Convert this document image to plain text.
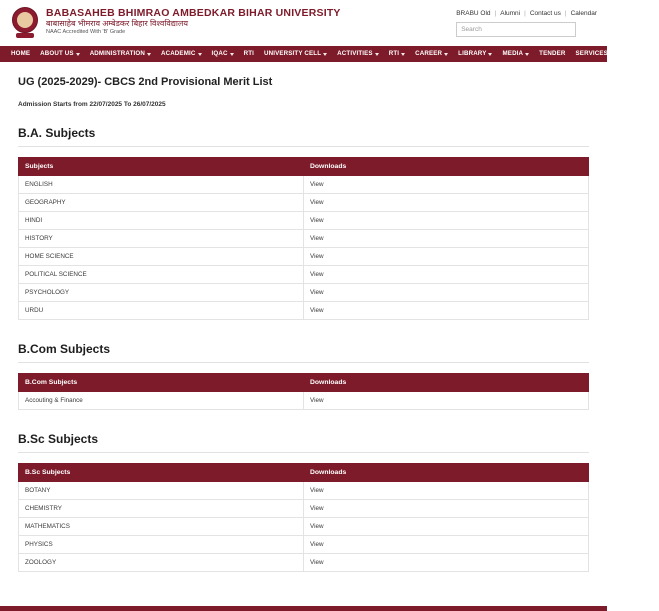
BABASAHEB BHIMRAO AMBEDKAR BIHAR UNIVERSITY
बाबासाहेब भीमराव अम्बेडकर बिहार विश्वविद्यालय
NAAC Accredited With 'B' Grade
BRABU Old | Alumni | Contact us | Calendar
Search
HOME ABOUT US	ADMINISTRATION	ACADEMIC	IQAC	RTI UNIVERSITY CELL	ACTIVITIES	RTI	CAREER	LIBRARY	MEDIA	TENDER SERVICES	NOTICE
UG (2025-2029)- CBCS 2nd Provisional Merit List
Admission Starts from 22/07/2025 To 26/07/2025
B.A. Subjects
Subjects	Downloads
ENGLISH	View
GEOGRAPHY	View
HINDI	View
HISTORY	View
HOME SCIENCE	View
POLITICAL SCIENCE	View
PSYCHOLOGY	View
URDU	View
B.Com Subjects
B.Com Subjects	Downloads
Accouting & Finance	View
B.Sc Subjects
B.Sc Subjects	Downloads
BOTANY	View
CHEMISTRY	View
MATHEMATICS	View
PHYSICS	View
ZOOLOGY	View
